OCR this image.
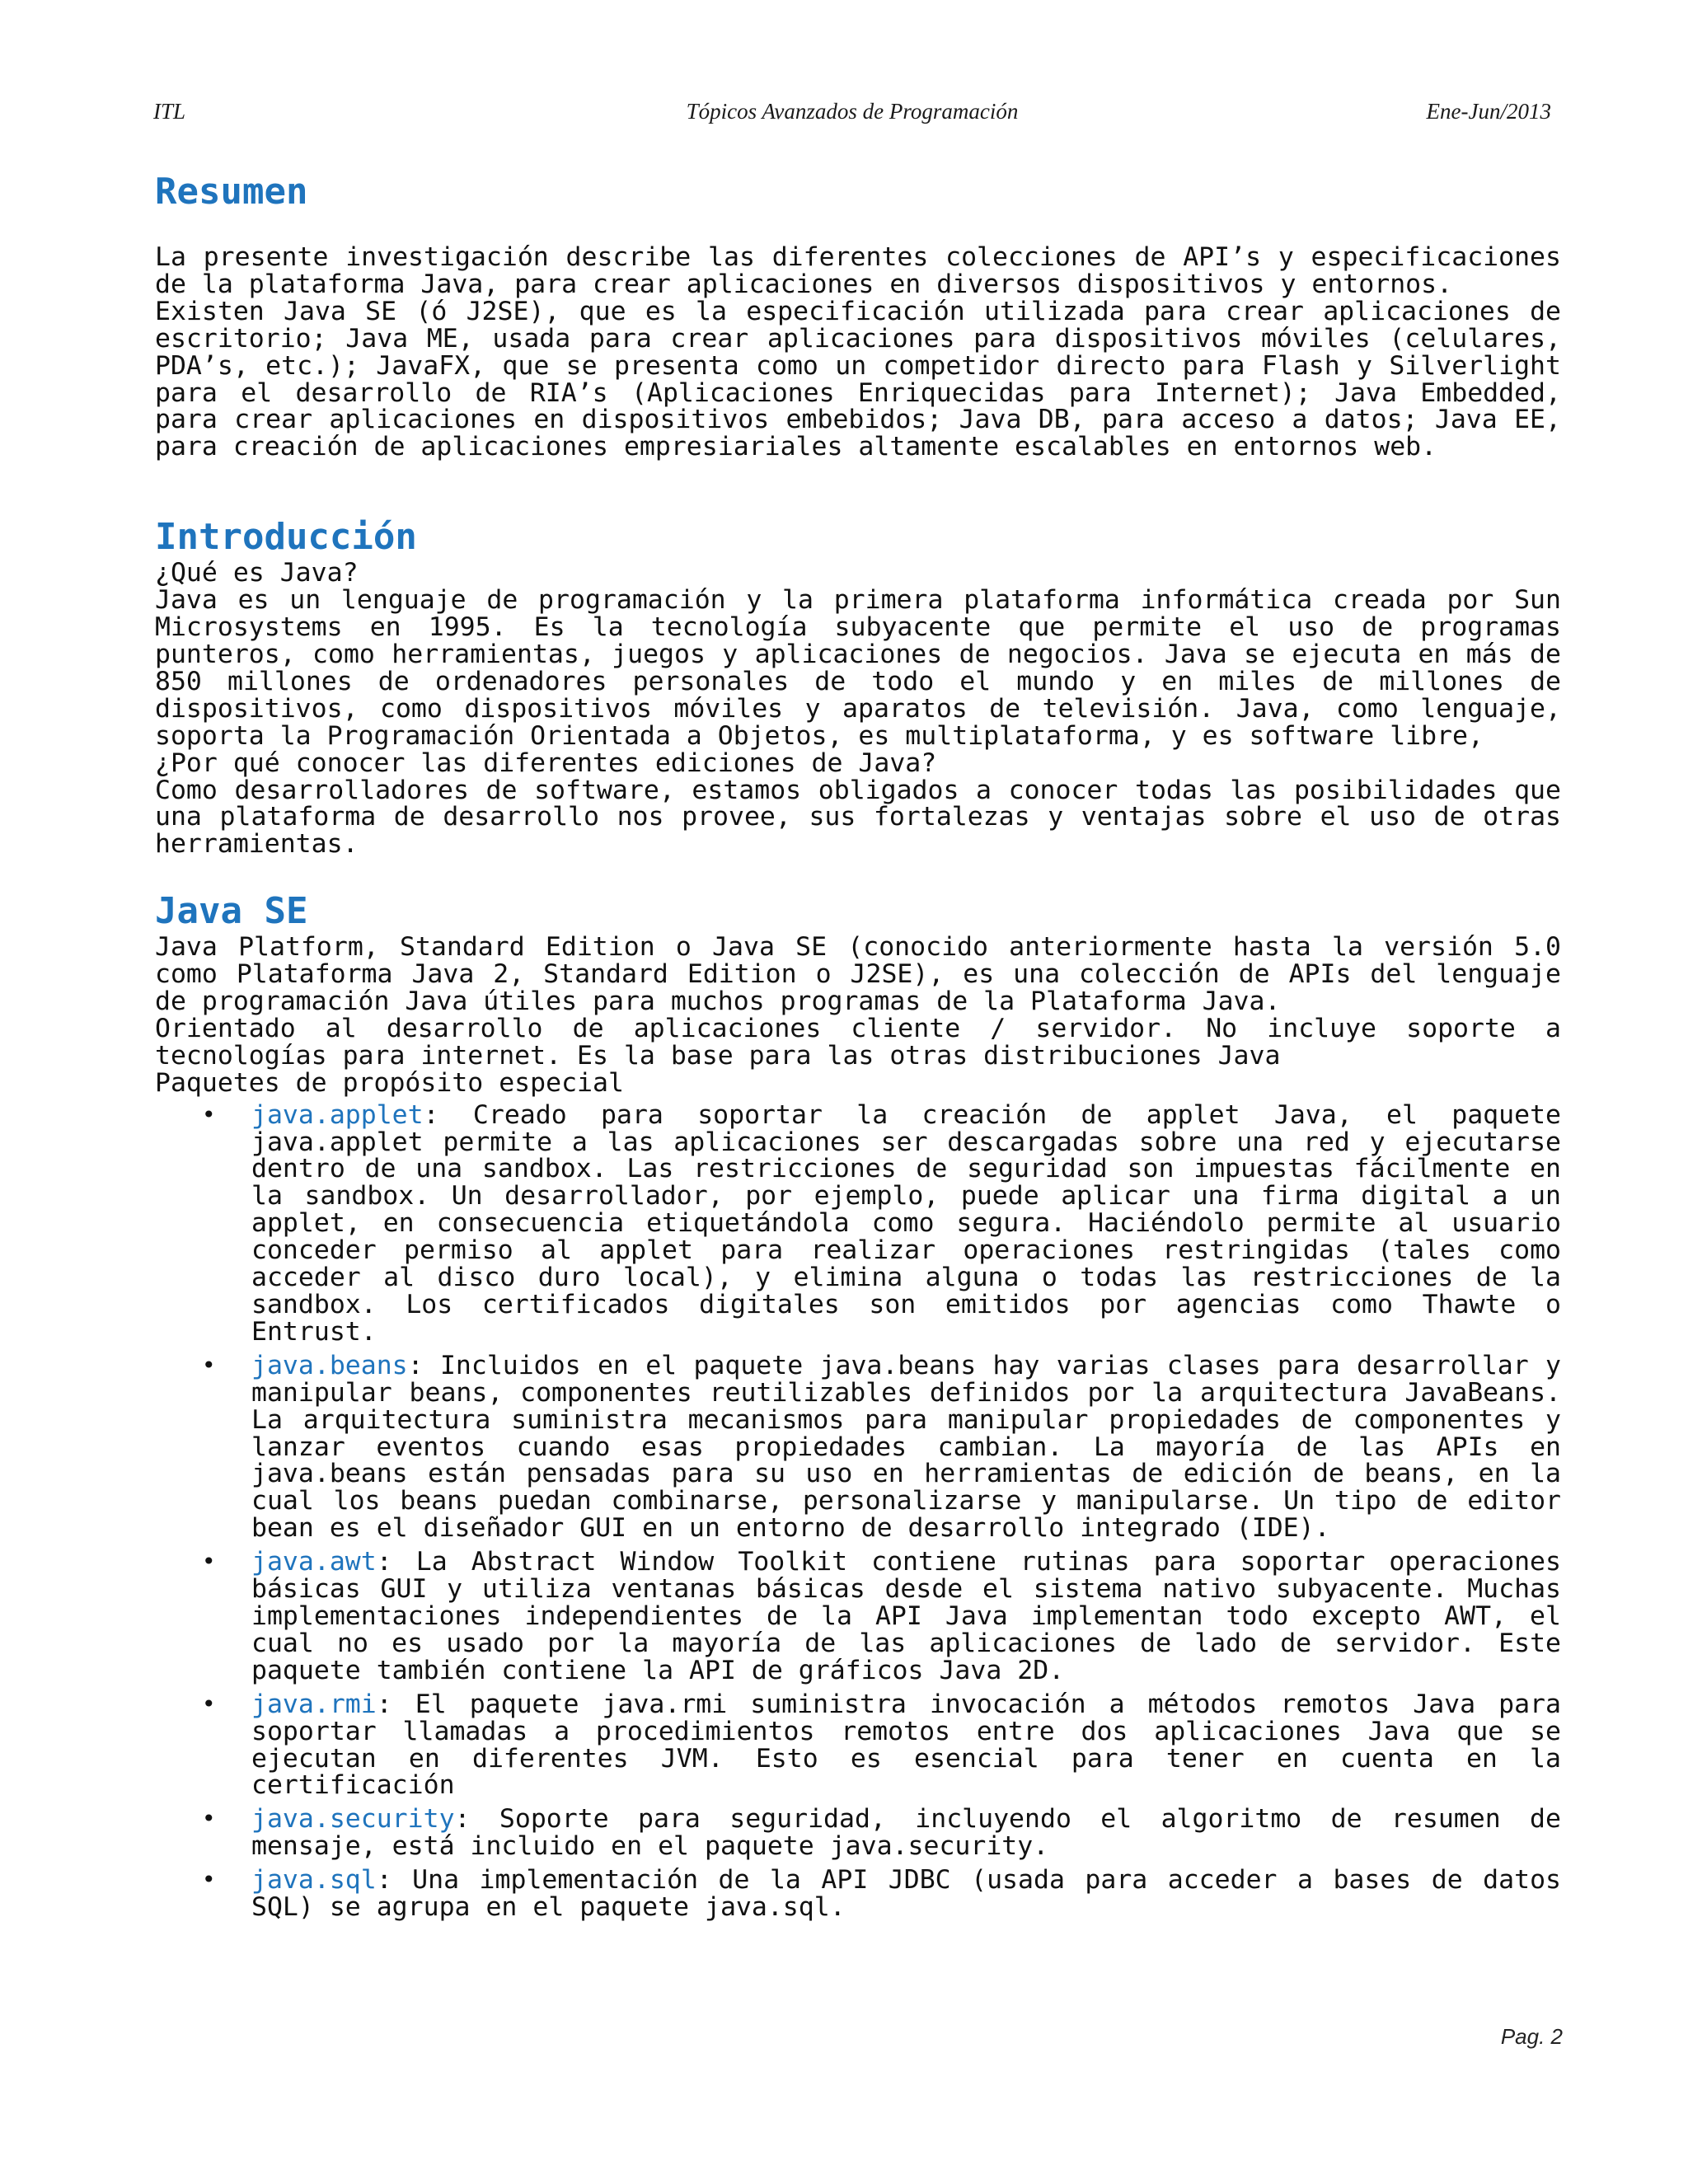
ITL	Tópicos Avanzados de Programación	Ene-Jun/2013
Resumen

La presente investigación describe las diferentes colecciones de API’s y especificaciones de la plataforma Java, para crear aplicaciones en diversos dispositivos y entornos.

Existen Java SE (ó J2SE), que es la especificación utilizada para crear aplicaciones de escritorio; Java ME, usada para crear aplicaciones para dispositivos móviles (celulares, PDA’s, etc.); JavaFX, que se presenta como un competidor directo para Flash y Silverlight para el desarrollo de RIA’s (Aplicaciones Enriquecidas para Internet); Java Embedded, para crear aplicaciones en dispositivos embebidos; Java DB, para acceso a datos; Java EE, para creación de aplicaciones empresiariales altamente escalables en entornos web.

Introducción

¿Qué es Java?

Java es un lenguaje de programación y la primera plataforma informática creada por Sun Microsystems en 1995. Es la tecnología subyacente que permite el uso de programas punteros, como herramientas, juegos y aplicaciones de negocios. Java se ejecuta en más de 850 millones de ordenadores personales de todo el mundo y en miles de millones de dispositivos, como dispositivos móviles y aparatos de televisión. Java, como lenguaje, soporta la Programación Orientada a Objetos, es multiplataforma, y es software libre,

¿Por qué conocer las diferentes ediciones de Java?

Como desarrolladores de software, estamos obligados a conocer todas las posibilidades que una plataforma de desarrollo nos provee, sus fortalezas y ventajas sobre el uso de otras herramientas.

Java SE

Java Platform, Standard Edition o Java SE (conocido anteriormente hasta la versión 5.0 como Plataforma Java 2, Standard Edition o J2SE), es una colección de APIs del lenguaje de programación Java útiles para muchos programas de la Plataforma Java.

Orientado al desarrollo de aplicaciones cliente / servidor. No incluye soporte a tecnologías para internet. Es la base para las otras distribuciones Java

Paquetes de propósito especial

• java.applet: Creado para soportar la creación de applet Java, el paquete java.applet permite a las aplicaciones ser descargadas sobre una red y ejecutarse dentro de una sandbox. Las restricciones de seguridad son impuestas fácilmente en la sandbox. Un desarrollador, por ejemplo, puede aplicar una firma digital a un applet, en consecuencia etiquetándola como segura. Haciéndolo permite al usuario conceder permiso al applet para realizar operaciones restringidas (tales como acceder al disco duro local), y elimina alguna o todas las restricciones de la sandbox. Los certificados digitales son emitidos por agencias como Thawte o Entrust.
• java.beans: Incluidos en el paquete java.beans hay varias clases para desarrollar y manipular beans, componentes reutilizables definidos por la arquitectura JavaBeans. La arquitectura suministra mecanismos para manipular propiedades de componentes y lanzar eventos cuando esas propiedades cambian. La mayoría de las APIs en java.beans están pensadas para su uso en herramientas de edición de beans, en la cual los beans puedan combinarse, personalizarse y manipularse. Un tipo de editor bean es el diseñador GUI en un entorno de desarrollo integrado (IDE).
• java.awt: La Abstract Window Toolkit contiene rutinas para soportar operaciones básicas GUI y utiliza ventanas básicas desde el sistema nativo subyacente. Muchas implementaciones independientes de la API Java implementan todo excepto AWT, el cual no es usado por la mayoría de las aplicaciones de lado de servidor. Este paquete también contiene la API de gráficos Java 2D.
• java.rmi: El paquete java.rmi suministra invocación a métodos remotos Java para soportar llamadas a procedimientos remotos entre dos aplicaciones Java que se ejecutan en diferentes JVM. Esto es esencial para tener en cuenta en la certificación
• java.security: Soporte para seguridad, incluyendo el algoritmo de resumen de mensaje, está incluido en el paquete java.security.
• java.sql: Una implementación de la API JDBC (usada para acceder a bases de datos SQL) se agrupa en el paquete java.sql.
Pag. 2
